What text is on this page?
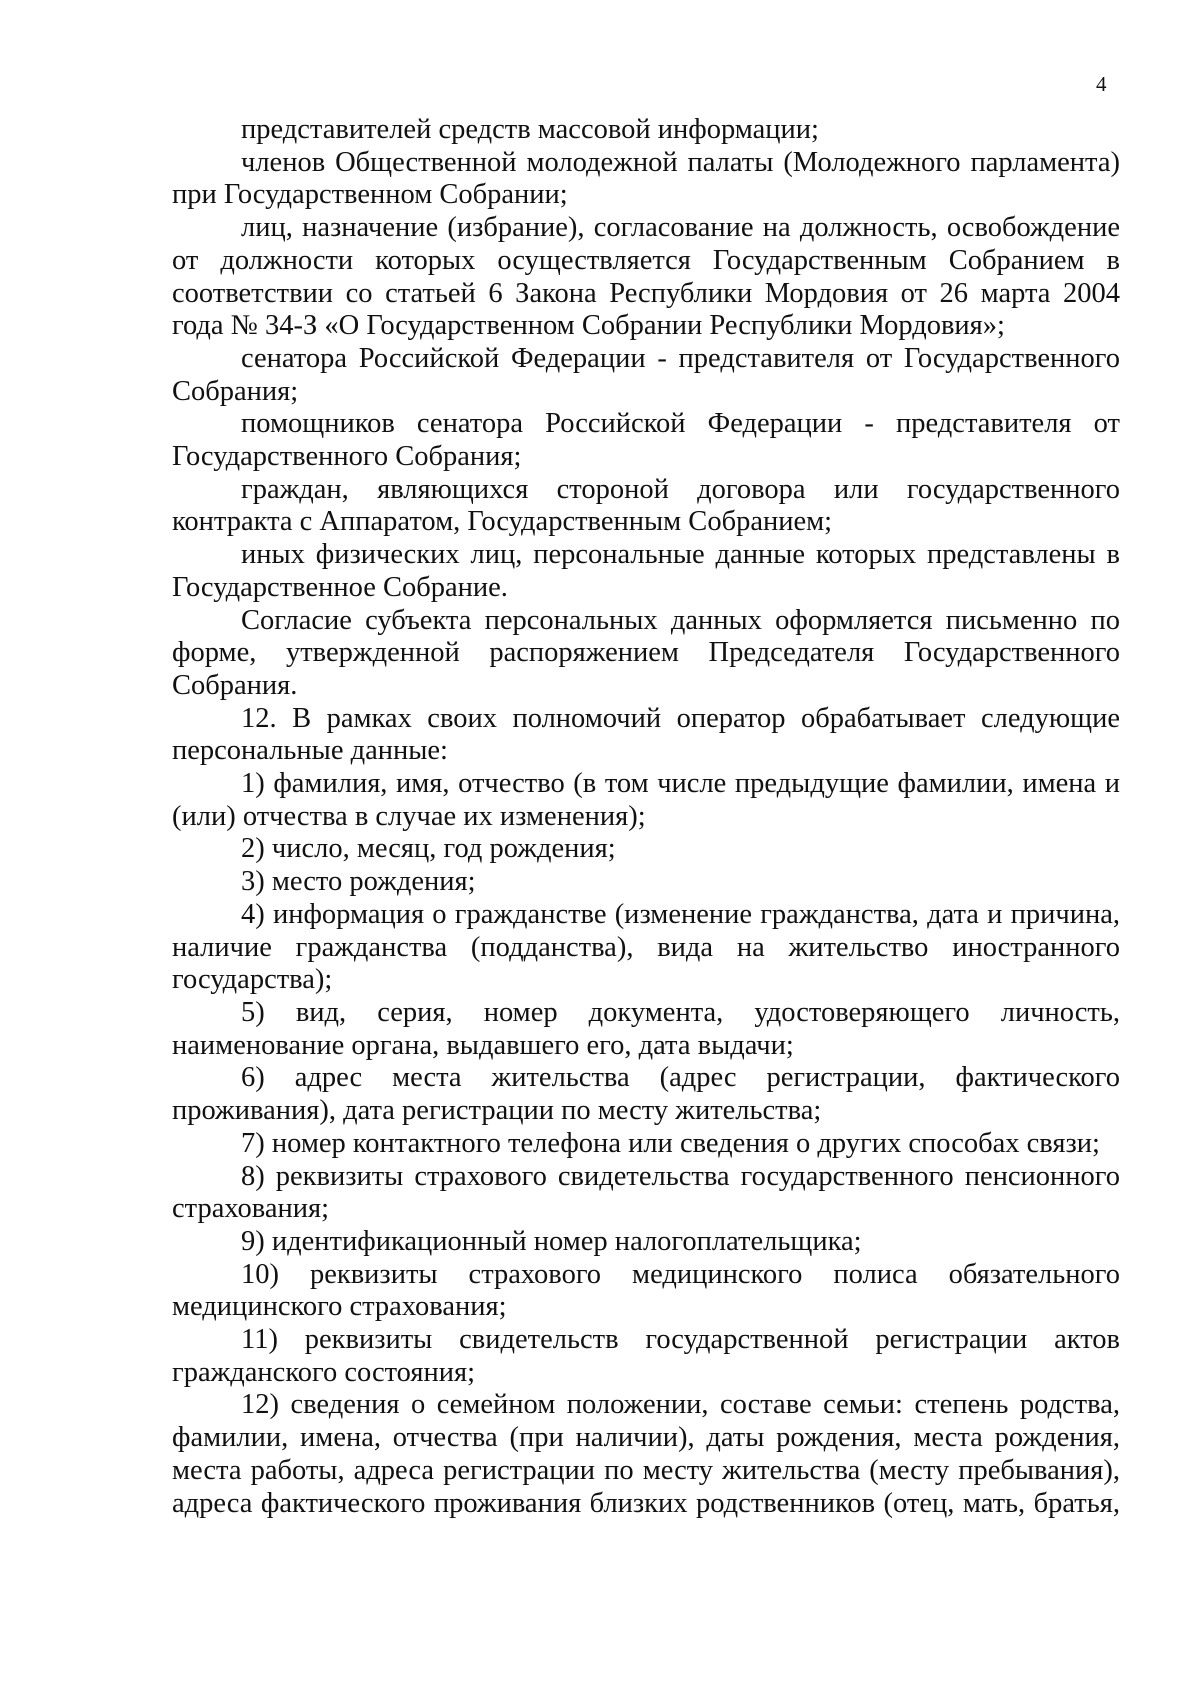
4

представителей средств массовой информации;

членов Общественной молодежной палаты (Молодежного парламента) при Государственном Собрании;

лиц, назначение (избрание), согласование на должность, освобождение от должности которых осуществляется Государственным Собранием в соответствии со статьей 6 Закона Республики Мордовия от 26 марта 2004 года № 34-З «О Государственном Собрании Республики Мордовия»;

сенатора Российской Федерации - представителя от Государственного Собрания;

помощников сенатора Российской Федерации - представителя от Государственного Собрания;

граждан, являющихся стороной договора или государственного контракта с Аппаратом, Государственным Собранием;

иных физических лиц, персональные данные которых представлены в Государственное Собрание.

Согласие субъекта персональных данных оформляется письменно по форме, утвержденной распоряжением Председателя Государственного Собрания.

12. В рамках своих полномочий оператор обрабатывает следующие персональные данные:

1) фамилия, имя, отчество (в том числе предыдущие фамилии, имена и (или) отчества в случае их изменения);

2) число, месяц, год рождения;

3) место рождения;

4) информация о гражданстве (изменение гражданства, дата и причина, наличие гражданства (подданства), вида на жительство иностранного государства);

5) вид, серия, номер документа, удостоверяющего личность, наименование органа, выдавшего его, дата выдачи;

6) адрес места жительства (адрес регистрации, фактического проживания), дата регистрации по месту жительства;

7) номер контактного телефона или сведения о других способах связи;

8) реквизиты страхового свидетельства государственного пенсионного страхования;

9) идентификационный номер налогоплательщика;

10) реквизиты страхового медицинского полиса обязательного медицинского страхования;

11) реквизиты свидетельств государственной регистрации актов гражданского состояния;

12) сведения о семейном положении, составе семьи: степень родства, фамилии, имена, отчества (при наличии), даты рождения, места рождения, места работы, адреса регистрации по месту жительства (месту пребывания), адреса фактического проживания близких родственников (отец, мать, братья,
